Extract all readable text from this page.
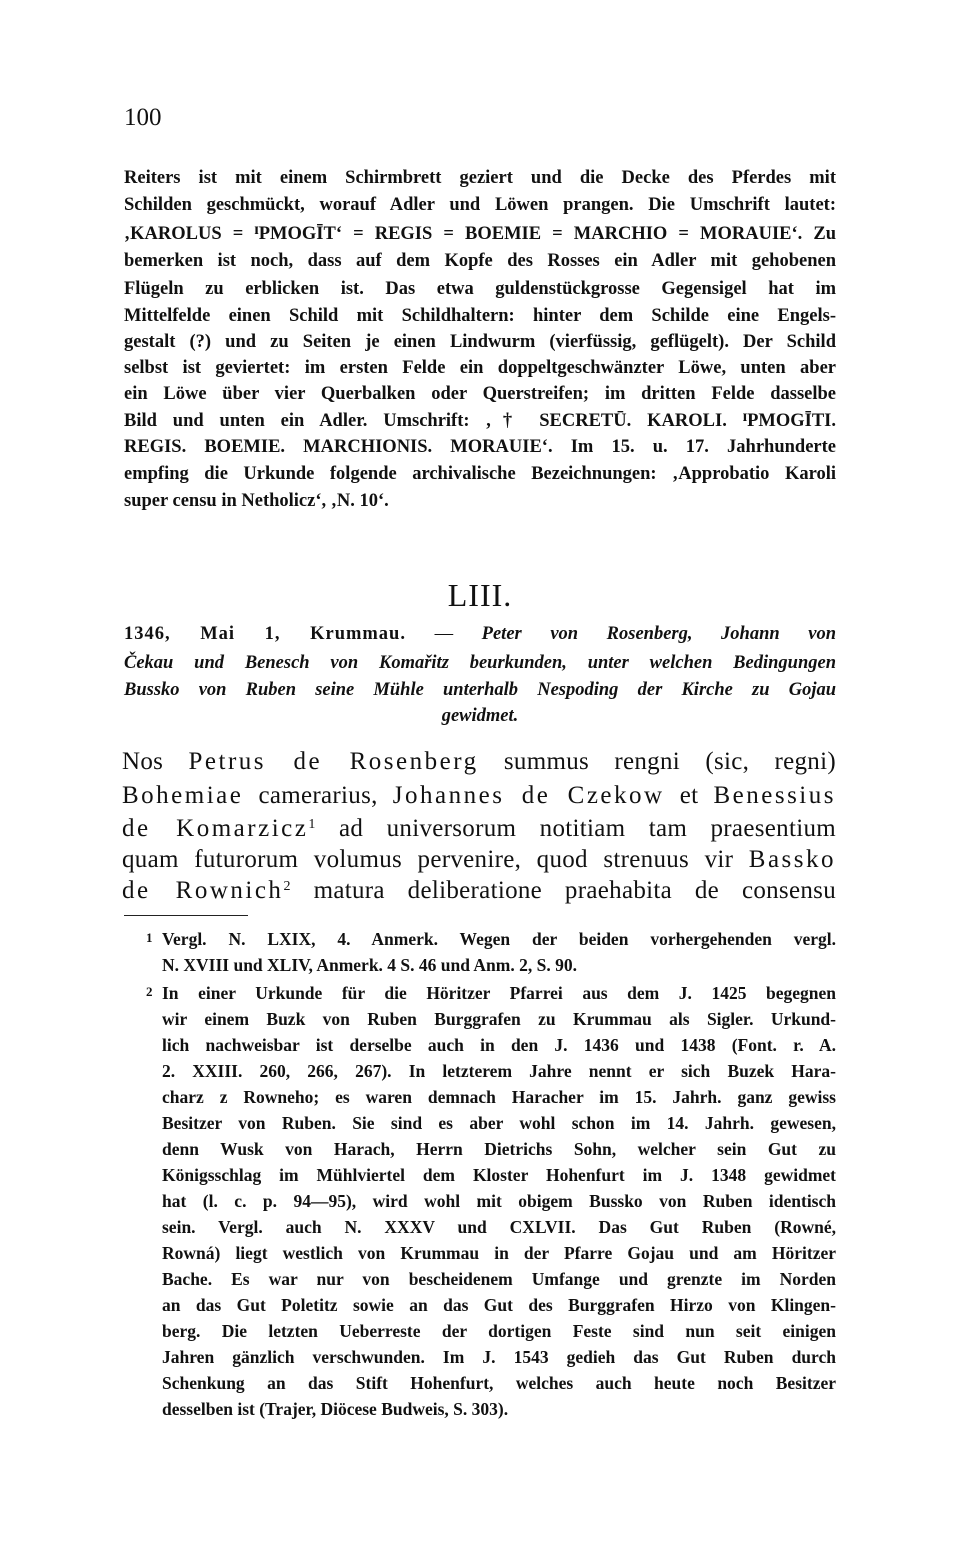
100
Reiters ist mit einem Schirmbrett geziert und die Decke des Pferdes mit
Schilden geschmückt, worauf Adler und Löwen prangen. Die Umschrift lautet:
‚KAROLUS = ᴵPMOGĪT‘ = REGIS = BOEMIE = MARCHIO = MORAUIE‘. Zu
bemerken ist noch, dass auf dem Kopfe des Rosses ein Adler mit gehobenen
Flügeln zu erblicken ist. Das etwa guldenstückgrosse Gegensigel hat im
Mittelfelde einen Schild mit Schildhaltern: hinter dem Schilde eine Engels-
gestalt (?) und zu Seiten je einen Lindwurm (vierfüssig, geflügelt). Der Schild
selbst ist geviertet: im ersten Felde ein doppeltgeschwänzter Löwe, unten aber
ein Löwe über vier Querbalken oder Querstreifen; im dritten Felde dasselbe
Bild und unten ein Adler. Umschrift: ‚† SECRETŪ. KAROLI. ᴵPMOGĪTI.
REGIS. BOEMIE. MARCHIONIS. MORAUIE‘. Im 15. u. 17. Jahrhunderte
empfing die Urkunde folgende archivalische Bezeichnungen: ‚Approbatio Karoli
super censu in Netholicz‘, ‚N. 10‘.
LIII.
1346, Mai 1, Krummau. — Peter von Rosenberg, Johann von
Čekau und Benesch von Komařitz beurkunden, unter welchen Bedingungen
Bussko von Ruben seine Mühle unterhalb Nespoding der Kirche zu Gojau
gewidmet.
Nos Petrus de Rosenberg summus rengni (sic, regni)
Bohemiae camerarius, Johannes de Czekow et Benessius
de Komarzicz$^1$ ad universorum notitiam tam praesentium
quam futurorum volumus pervenire, quod strenuus vir Bassko
de Rownich$^2$ matura deliberatione praehabita de consensu
1 Vergl. N. LXIX, 4. Anmerk. Wegen der beiden vorhergehenden vergl.
N. XVIII und XLIV, Anmerk. 4 S. 46 und Anm. 2, S. 90.
2 In einer Urkunde für die Höritzer Pfarrei aus dem J. 1425 begegnen
wir einem Buzk von Ruben Burggrafen zu Krummau als Sigler. Urkund-
lich nachweisbar ist derselbe auch in den J. 1436 und 1438 (Font. r. A.
2. XXIII. 260, 266, 267). In letzterem Jahre nennt er sich Buzek Hara-
charz z Rowneho; es waren demnach Haracher im 15. Jahrh. ganz gewiss
Besitzer von Ruben. Sie sind es aber wohl schon im 14. Jahrh. gewesen,
denn Wusk von Harach, Herrn Dietrichs Sohn, welcher sein Gut zu
Königsschlag im Mühlviertel dem Kloster Hohenfurt im J. 1348 gewidmet
hat (l. c. p. 94—95), wird wohl mit obigem Bussko von Ruben identisch
sein. Vergl. auch N. XXXV und CXLVII. Das Gut Ruben (Rowné,
Rowná) liegt westlich von Krummau in der Pfarre Gojau und am Höritzer
Bache. Es war nur von bescheidenem Umfange und grenzte im Norden
an das Gut Poletitz sowie an das Gut des Burggrafen Hirzo von Klingen-
berg. Die letzten Ueberreste der dortigen Feste sind nun seit einigen
Jahren gänzlich verschwunden. Im J. 1543 gedieh das Gut Ruben durch
Schenkung an das Stift Hohenfurt, welches auch heute noch Besitzer
desselben ist (Trajer, Diöcese Budweis, S. 303).
